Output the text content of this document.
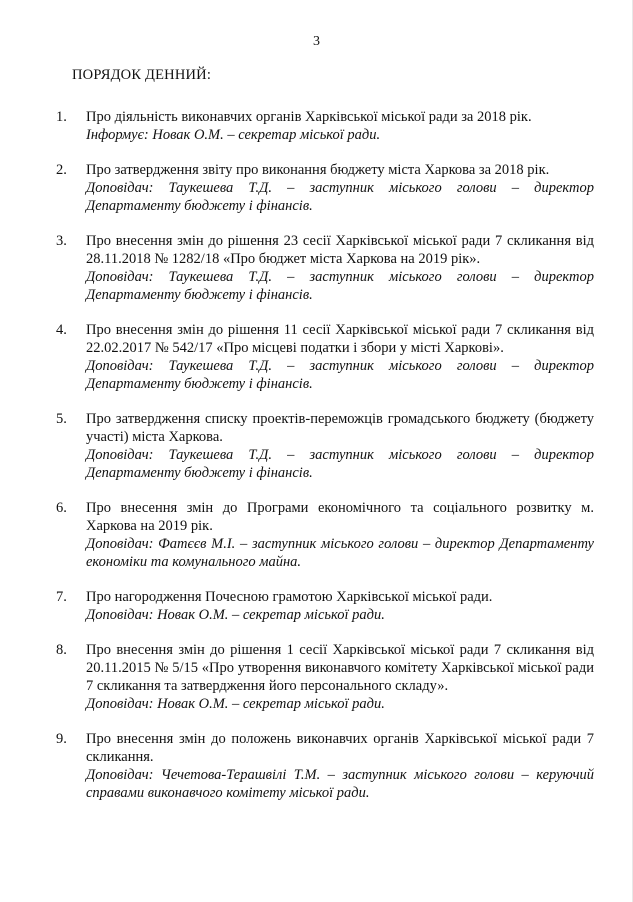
3
ПОРЯДОК ДЕННИЙ:
1.	Про діяльність виконавчих органів Харківської міської ради за 2018 рік.
Інформує: Новак О.М. – секретар міської ради.
2.	Про затвердження звіту про виконання бюджету міста Харкова за 2018 рік.
Доповідач: Таукешева Т.Д. – заступник міського голови – директор Департаменту бюджету і фінансів.
3.	Про внесення змін до рішення 23 сесії Харківської міської ради 7 скликання від 28.11.2018 № 1282/18 «Про бюджет міста Харкова на 2019 рік».
Доповідач: Таукешева Т.Д. – заступник міського голови – директор Департаменту бюджету і фінансів.
4.	Про внесення змін до рішення 11 сесії Харківської міської ради 7 скликання від 22.02.2017 № 542/17 «Про місцеві податки і збори у місті Харкові».
Доповідач: Таукешева Т.Д. – заступник міського голови – директор Департаменту бюджету і фінансів.
5.	Про затвердження списку проектів-переможців громадського бюджету (бюджету участі) міста Харкова.
Доповідач: Таукешева Т.Д. – заступник міського голови – директор Департаменту бюджету і фінансів.
6.	Про внесення змін до Програми економічного та соціального розвитку м. Харкова на 2019 рік.
Доповідач: Фатєєв М.І. – заступник міського голови – директор Департаменту економіки та комунального майна.
7.	Про нагородження Почесною грамотою Харківської міської ради.
Доповідач: Новак О.М. – секретар міської ради.
8.	Про внесення змін до рішення 1 сесії Харківської міської ради 7 скликання від 20.11.2015 № 5/15 «Про утворення виконавчого комітету Харківської міської ради 7 скликання та затвердження його персонального складу».
Доповідач: Новак О.М. – секретар міської ради.
9.	Про внесення змін до положень виконавчих органів Харківської міської ради 7 скликання.
Доповідач: Чечетова-Терашвілі Т.М. – заступник міського голови – керуючий справами виконавчого комітету міської ради.
